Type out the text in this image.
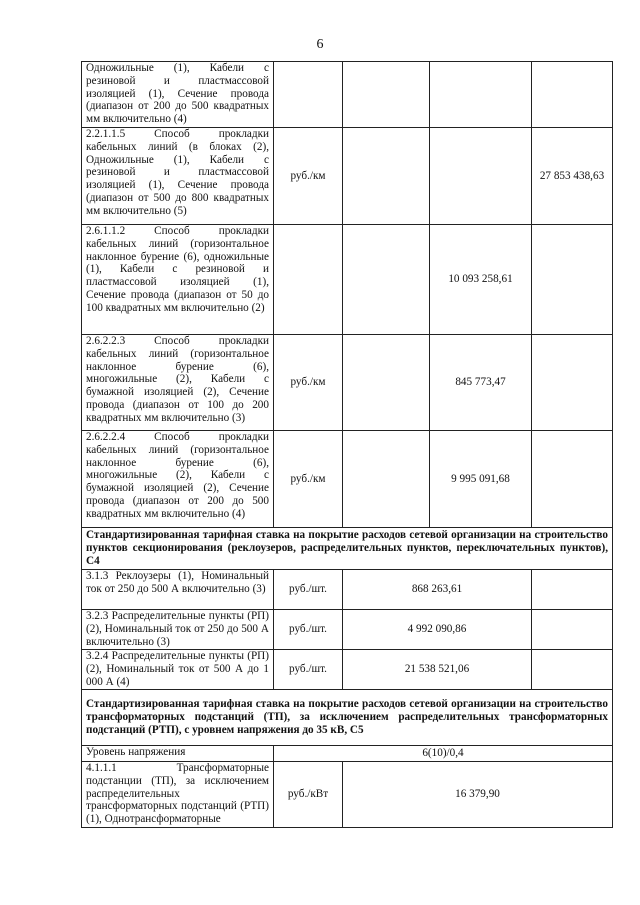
6
Одножильные (1), Кабели с резиновой и пластмассовой изоляцией (1), Сечение провода (диапазон от 200 до 500 квадратных мм включительно (4)				
2.2.1.1.5 Способ прокладки кабельных линий (в блоках (2), Одножильные (1), Кабели с резиновой и пластмассовой изоляцией (1), Сечение провода (диапазон от 500 до 800 квадратных мм включительно (5)	руб./км			27 853 438,63
2.6.1.1.2 Способ прокладки кабельных линий (горизонтальное наклонное бурение (6), одножильные (1), Кабели с резиновой и пластмассовой изоляцией (1), Сечение провода (диапазон от 50 до 100 квадратных мм включительно (2)			10 093 258,61	
2.6.2.2.3 Способ прокладки кабельных линий (горизонтальное наклонное бурение (6), многожильные (2), Кабели с бумажной изоляцией (2), Сечение провода (диапазон от 100 до 200 квадратных мм включительно (3)	руб./км		845 773,47	
2.6.2.2.4 Способ прокладки кабельных линий (горизонтальное наклонное бурение (6), многожильные (2), Кабели с бумажной изоляцией (2), Сечение провода (диапазон от 200 до 500 квадратных мм включительно (4)	руб./км		9 995 091,68	
Стандартизированная тарифная ставка на покрытие расходов сетевой организации на строительство пунктов секционирования (реклоузеров, распределительных пунктов, переключательных пунктов), С4				
3.1.3 Реклоузеры (1), Номинальный ток от 250 до 500 А включительно (3)	руб./шт.	868 263,61		
3.2.3 Распределительные пункты (РП) (2), Номинальный ток от 250 до 500 А включительно (3)	руб./шт.	4 992 090,86		
3.2.4 Распределительные пункты (РП) (2), Номинальный ток от 500 А до 1 000 А (4)	руб./шт.	21 538 521,06		
Стандартизированная тарифная ставка на покрытие расходов сетевой организации на строительство трансформаторных подстанций (ТП), за исключением распределительных трансформаторных подстанций (РТП), с уровнем напряжения до 35 кВ, С5				
Уровень напряжения	6(10)/0,4			
4.1.1.1 Трансформаторные подстанции (ТП), за исключением распределительных трансформаторных подстанций (РТП) (1), Однотрансформаторные	руб./кВт	16 379,90		
